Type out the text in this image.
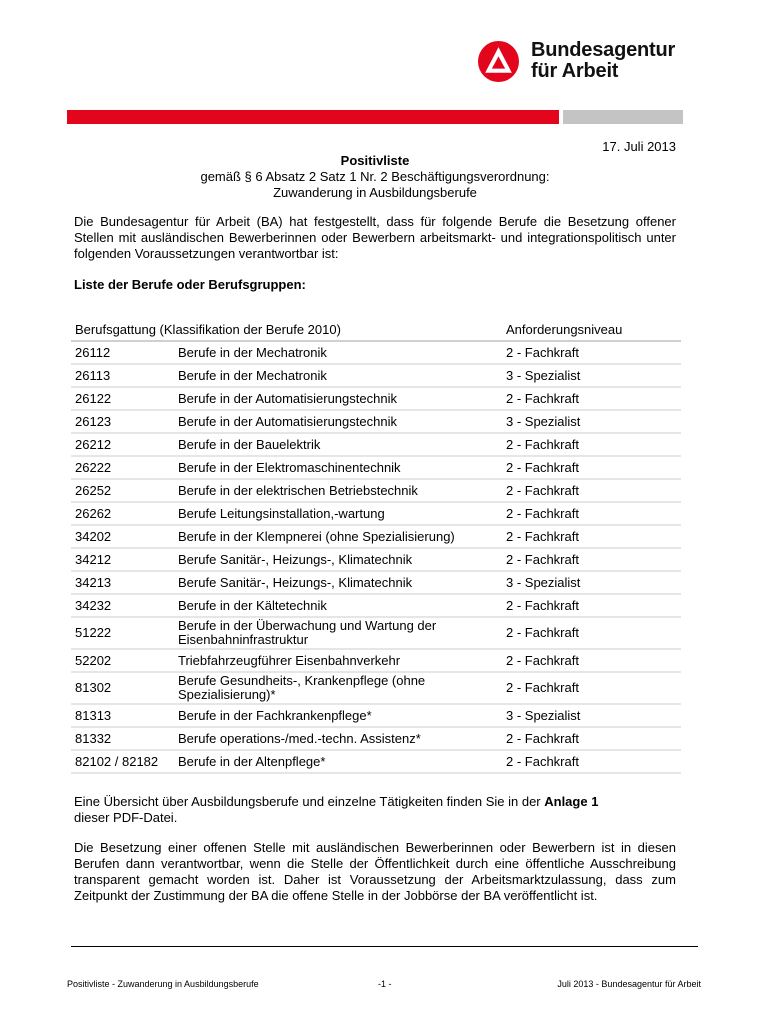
Bundesagentur
für Arbeit
17. Juli 2013
Positivliste
gemäß § 6 Absatz 2 Satz 1 Nr. 2 Beschäftigungsverordnung:
Zuwanderung in Ausbildungsberufe
Die Bundesagentur für Arbeit (BA) hat festgestellt, dass für folgende Berufe die Besetzung offener Stellen mit ausländischen Bewerberinnen oder Bewerbern arbeitsmarkt- und integrationspolitisch unter folgenden Voraussetzungen verantwortbar ist:
Liste der Berufe oder Berufsgruppen:
Berufsgattung (Klassifikation der Berufe 2010)		Anforderungsniveau
26112	Berufe in der Mechatronik	2 - Fachkraft
26113	Berufe in der Mechatronik	3 - Spezialist
26122	Berufe in der Automatisierungstechnik	2 - Fachkraft
26123	Berufe in der Automatisierungstechnik	3 - Spezialist
26212	Berufe in der Bauelektrik	2 - Fachkraft
26222	Berufe in der Elektromaschinentechnik	2 - Fachkraft
26252	Berufe in der elektrischen Betriebstechnik	2 - Fachkraft
26262	Berufe Leitungsinstallation,-wartung	2 - Fachkraft
34202	Berufe in der Klempnerei (ohne Spezialisierung)	2 - Fachkraft
34212	Berufe Sanitär-, Heizungs-, Klimatechnik	2 - Fachkraft
34213	Berufe Sanitär-, Heizungs-, Klimatechnik	3 - Spezialist
34232	Berufe in der Kältetechnik	2 - Fachkraft
51222	Berufe in der Überwachung und Wartung der Eisenbahninfrastruktur	2 - Fachkraft
52202	Triebfahrzeugführer Eisenbahnverkehr	2 - Fachkraft
81302	Berufe Gesundheits-, Krankenpflege (ohne Spezialisierung)*	2 - Fachkraft
81313	Berufe in der Fachkrankenpflege*	3 - Spezialist
81332	Berufe operations-/med.-techn. Assistenz*	2 - Fachkraft
82102 / 82182	Berufe in der Altenpflege*	2 - Fachkraft
Eine Übersicht über Ausbildungsberufe und einzelne Tätigkeiten finden Sie in der Anlage 1
dieser PDF-Datei.
Die Besetzung einer offenen Stelle mit ausländischen Bewerberinnen oder Bewerbern ist in diesen Berufen dann verantwortbar, wenn die Stelle der Öffentlichkeit durch eine öffentliche Ausschreibung transparent gemacht worden ist. Daher ist Voraussetzung der Arbeitsmarktzulassung, dass zum Zeitpunkt der Zustimmung der BA die offene Stelle in der Jobbörse der BA veröffentlicht ist.
Positivliste - Zuwanderung in Ausbildungsberufe	-1 -	Juli 2013 - Bundesagentur für Arbeit
